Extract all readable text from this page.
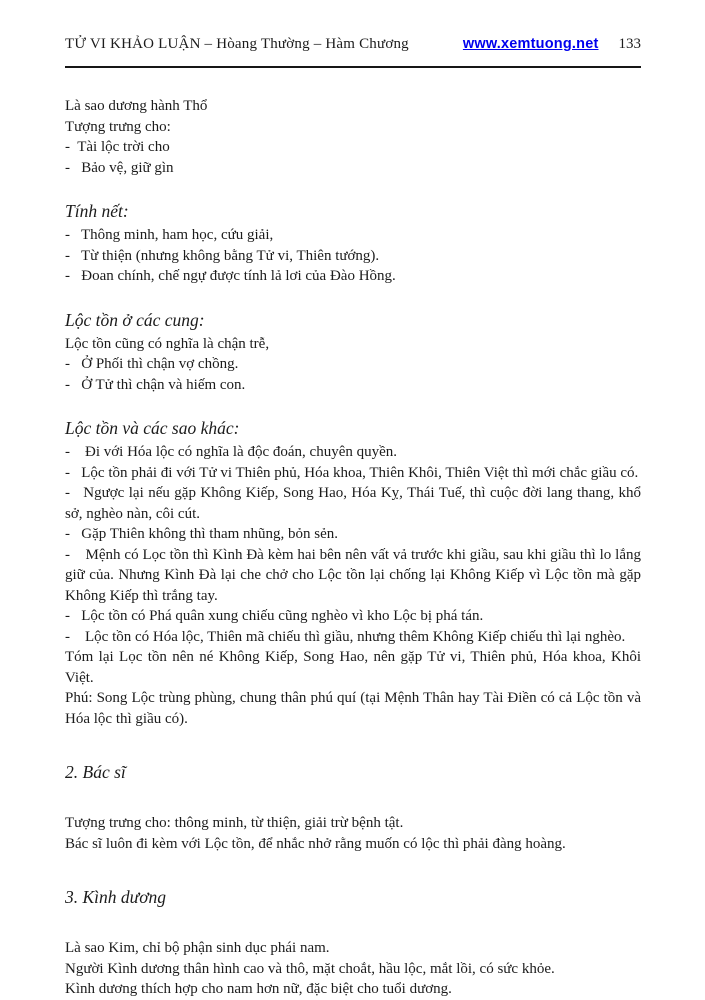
TỬ VI KHẢO LUẬN – Hòang Thường – Hàm Chương	www.xemtuong.net 133

Là sao dương hành Thổ

Tượng trưng cho:

-  Tài lộc trời cho

-   Bảo vệ, giữ gìn

Tính nết:

-   Thông minh, ham học, cứu giải,

-   Từ thiện (nhưng không bằng Tử vi, Thiên tướng).

-   Đoan chính, chế ngự được tính lả lơi của Đào Hồng.

Lộc tồn ở các cung:

Lộc tồn cũng có nghĩa là chận trễ,

-   Ở Phối thì chận vợ chồng.

-   Ở Tử thì chận và hiếm con.

Lộc tồn và các sao khác:

-    Đi với Hóa lộc có nghĩa là độc đoán, chuyên quyền.

-   Lộc tồn phải đi với Tử vi Thiên phủ, Hóa khoa, Thiên Khôi, Thiên Việt thì mới chắc giầu có.

-   Ngược lại nếu gặp Không Kiếp, Song Hao, Hóa Kỵ, Thái Tuế, thì cuộc đời lang thang, khổ sở, nghèo nàn, côi cút.

-   Gặp Thiên không thì tham nhũng, bỏn sẻn.

-    Mệnh có Lọc tồn thì Kình Đà kèm hai bên nên vất vả trước khi giầu, sau khi giầu thì lo lắng giữ của. Nhưng Kình Đà lại che chở cho Lộc tồn lại chống lại Không Kiếp vì Lộc tồn mà gặp Không Kiếp thì trắng tay.

-   Lộc tồn có Phá quân xung chiếu cũng nghèo vì kho Lộc bị phá tán.

-    Lộc tồn có Hóa lộc, Thiên mã chiếu thì giầu, nhưng thêm Không Kiếp chiếu thì lại nghèo.

Tóm lại Lọc tồn nên né Không Kiếp, Song Hao, nên gặp Tử vi, Thiên phủ, Hóa khoa, Khôi Việt.

Phú: Song Lộc trùng phùng, chung thân phú quí (tại Mệnh Thân hay Tài Điền có cả Lộc tồn và Hóa lộc thì giầu có).

2. Bác sĩ

Tượng trưng cho: thông minh, từ thiện, giải trừ bệnh tật.

Bác sĩ luôn đi kèm với Lộc tồn, để nhắc nhở rằng muốn có lộc thì phải đàng hoàng.

3. Kình dương

Là sao Kim, chỉ bộ phận sinh dục phái nam.

Người Kình dương thân hình cao và thô, mặt choắt, hầu lộc, mắt lồi, có sức khỏe.

Kình dương thích hợp cho nam hơn nữ, đặc biệt cho tuổi dương.
